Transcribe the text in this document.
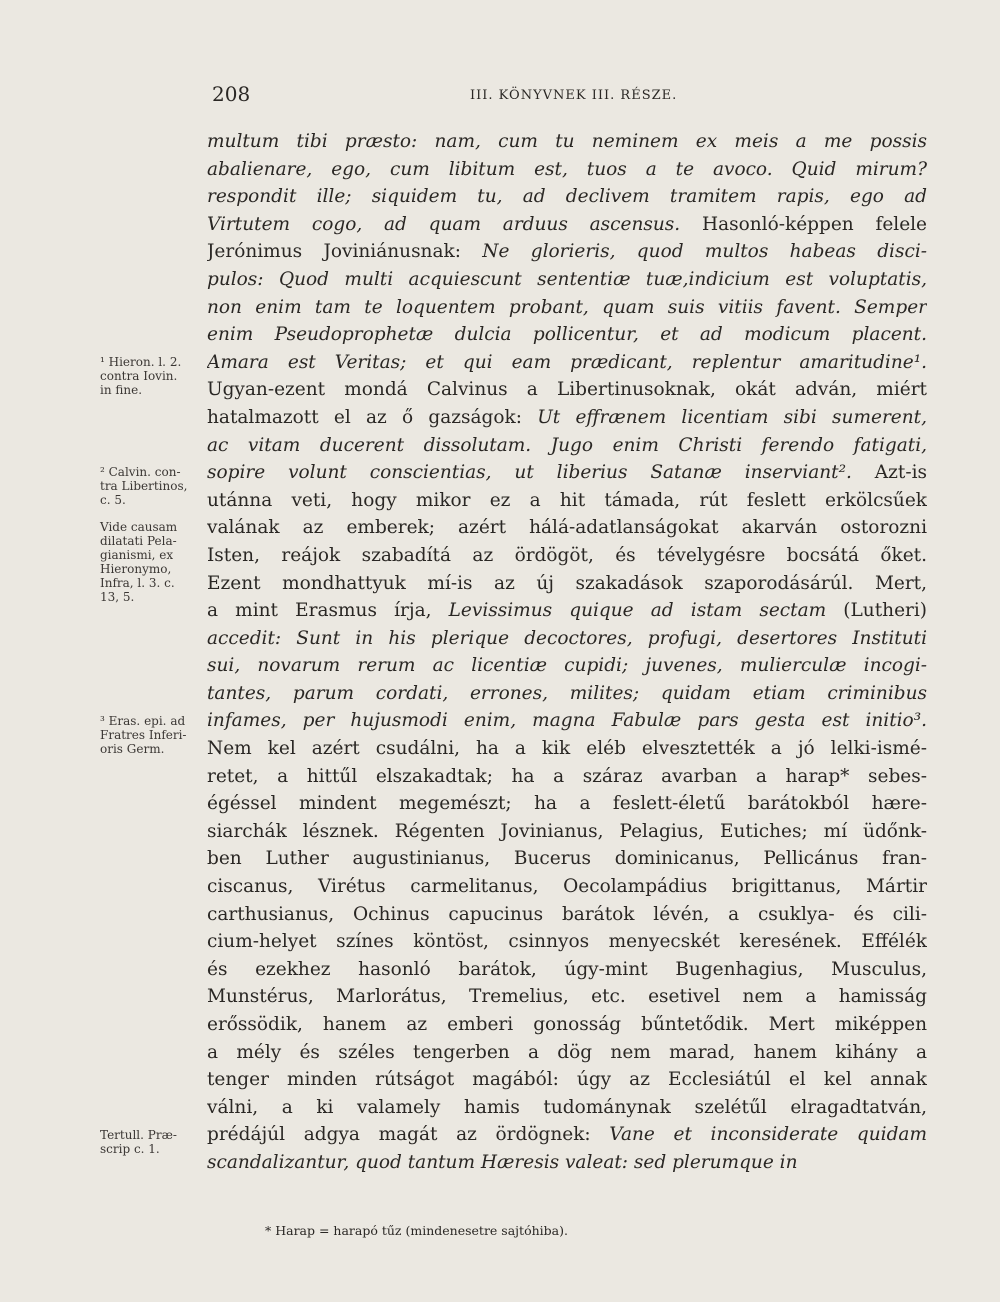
208	III. KÖNYVNEK III. RÉSZE.
multum tibi præsto: nam, cum tu neminem ex meis a me possis
abalienare, ego, cum libitum est, tuos a te avoco. Quid mirum?
respondit ille; siquidem tu, ad declivem tramitem rapis, ego ad
Virtutem cogo, ad quam arduus ascensus. Hasonló-képpen felele
Jerónimus Joviniánusnak: Ne glorieris, quod multos habeas disci-
pulos: Quod multi acquiescunt sententiæ tuæ,indicium est voluptatis,
non enim tam te loquentem probant, quam suis vitiis favent. Semper
enim Pseudoprophetæ dulcia pollicentur, et ad modicum placent.
Amara est Veritas; et qui eam prædicant, replentur amaritudine¹.
Ugyan-ezent mondá Calvinus a Libertinusoknak, okát adván, miért
hatalmazott el az ő gazságok: Ut effrænem licentiam sibi sumerent,
ac vitam ducerent dissolutam. Jugo enim Christi ferendo fatigati,
sopire volunt conscientias, ut liberius Satanæ inserviant². Azt-is
utánna veti, hogy mikor ez a hit támada, rút feslett erkölcsűek
valának az emberek; azért hálá-adatlanságokat akarván ostorozni
Isten, reájok szabadítá az ördögöt, és tévelygésre bocsátá őket.
Ezent mondhattyuk mí-is az új szakadások szaporodásárúl. Mert,
a mint Erasmus írja, Levissimus quique ad istam sectam (Lutheri)
accedit: Sunt in his plerique decoctores, profugi, desertores Instituti
sui, novarum rerum ac licentiæ cupidi; juvenes, mulierculæ incogi-
tantes, parum cordati, errones, milites; quidam etiam criminibus
infames, per hujusmodi enim, magna Fabulæ pars gesta est initio³.
Nem kel azért csudálni, ha a kik eléb elvesztették a jó lelki-ismé-
retet, a hittűl elszakadtak; ha a száraz avarban a harap* sebes-
égéssel mindent megemészt; ha a feslett-életű barátokból hære-
siarchák lésznek. Régenten Jovinianus, Pelagius, Eutiches; mí üdőnk-
ben Luther augustinianus, Bucerus dominicanus, Pellicánus fran-
ciscanus, Virétus carmelitanus, Oecolampádius brigittanus, Mártir
carthusianus, Ochinus capucinus barátok lévén, a csuklya- és cili-
cium-helyet színes köntöst, csinnyos menyecskét keresének. Effélék
és ezekhez hasonló barátok, úgy-mint Bugenhagius, Musculus,
Munstérus, Marlorátus, Tremelius, etc. esetivel nem a hamisság
erőssödik, hanem az emberi gonosság bűntetődik. Mert miképpen
a mély és széles tengerben a dög nem marad, hanem kihány a
tenger minden rútságot magából: úgy az Ecclesiátúl el kel annak
válni, a ki valamely hamis tudománynak szelétűl elragadtatván,
prédájúl adgya magát az ördögnek: Vane et inconsiderate quidam
scandalizantur, quod tantum Hæresis valeat: sed plerumque in
¹ Hieron. l. 2.
contra Iovin.
in fine.
² Calvin. con-
tra Libertinos,
c. 5.
Vide causam
dilatati Pela-
gianismi, ex
Hieronymo,
Infra, l. 3. c.
13, 5.
³ Eras. epi. ad
Fratres Inferi-
oris Germ.
Tertull. Præ-
scrip c. 1.
* Harap = harapó tűz (mindenesetre sajtóhiba).
